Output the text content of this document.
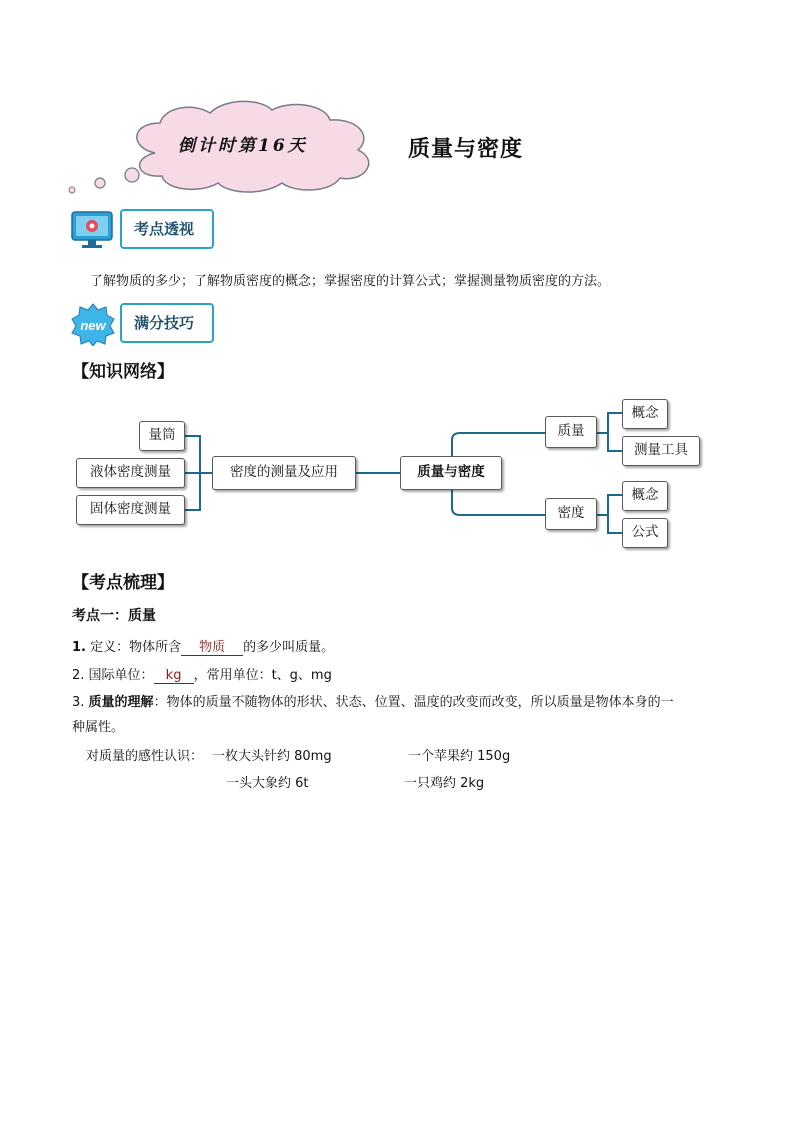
倒计时第16天	质量与密度
考点透视
了解物质的多少；了解物质密度的概念；掌握密度的计算公式；掌握测量物质密度的方法。
new	满分技巧
【知识网络】
量筒
液体密度测量
固体密度测量
密度的测量及应用	质量与密度
质量
概念
测量工具
密度
概念
公式
【考点梳理】
考点一：质量
1. 定义：物体所含 物质 的多少叫质量。
2. 国际单位： kg ，常用单位：t、g、mg
3. 质量的理解：物体的质量不随物体的形状、状态、位置、温度的改变而改变，所以质量是物体本身的一
种属性。
对质量的感性认识： 一枚大头针约 80mg	一个苹果约 150g
一头大象约 6t	一只鸡约 2kg
